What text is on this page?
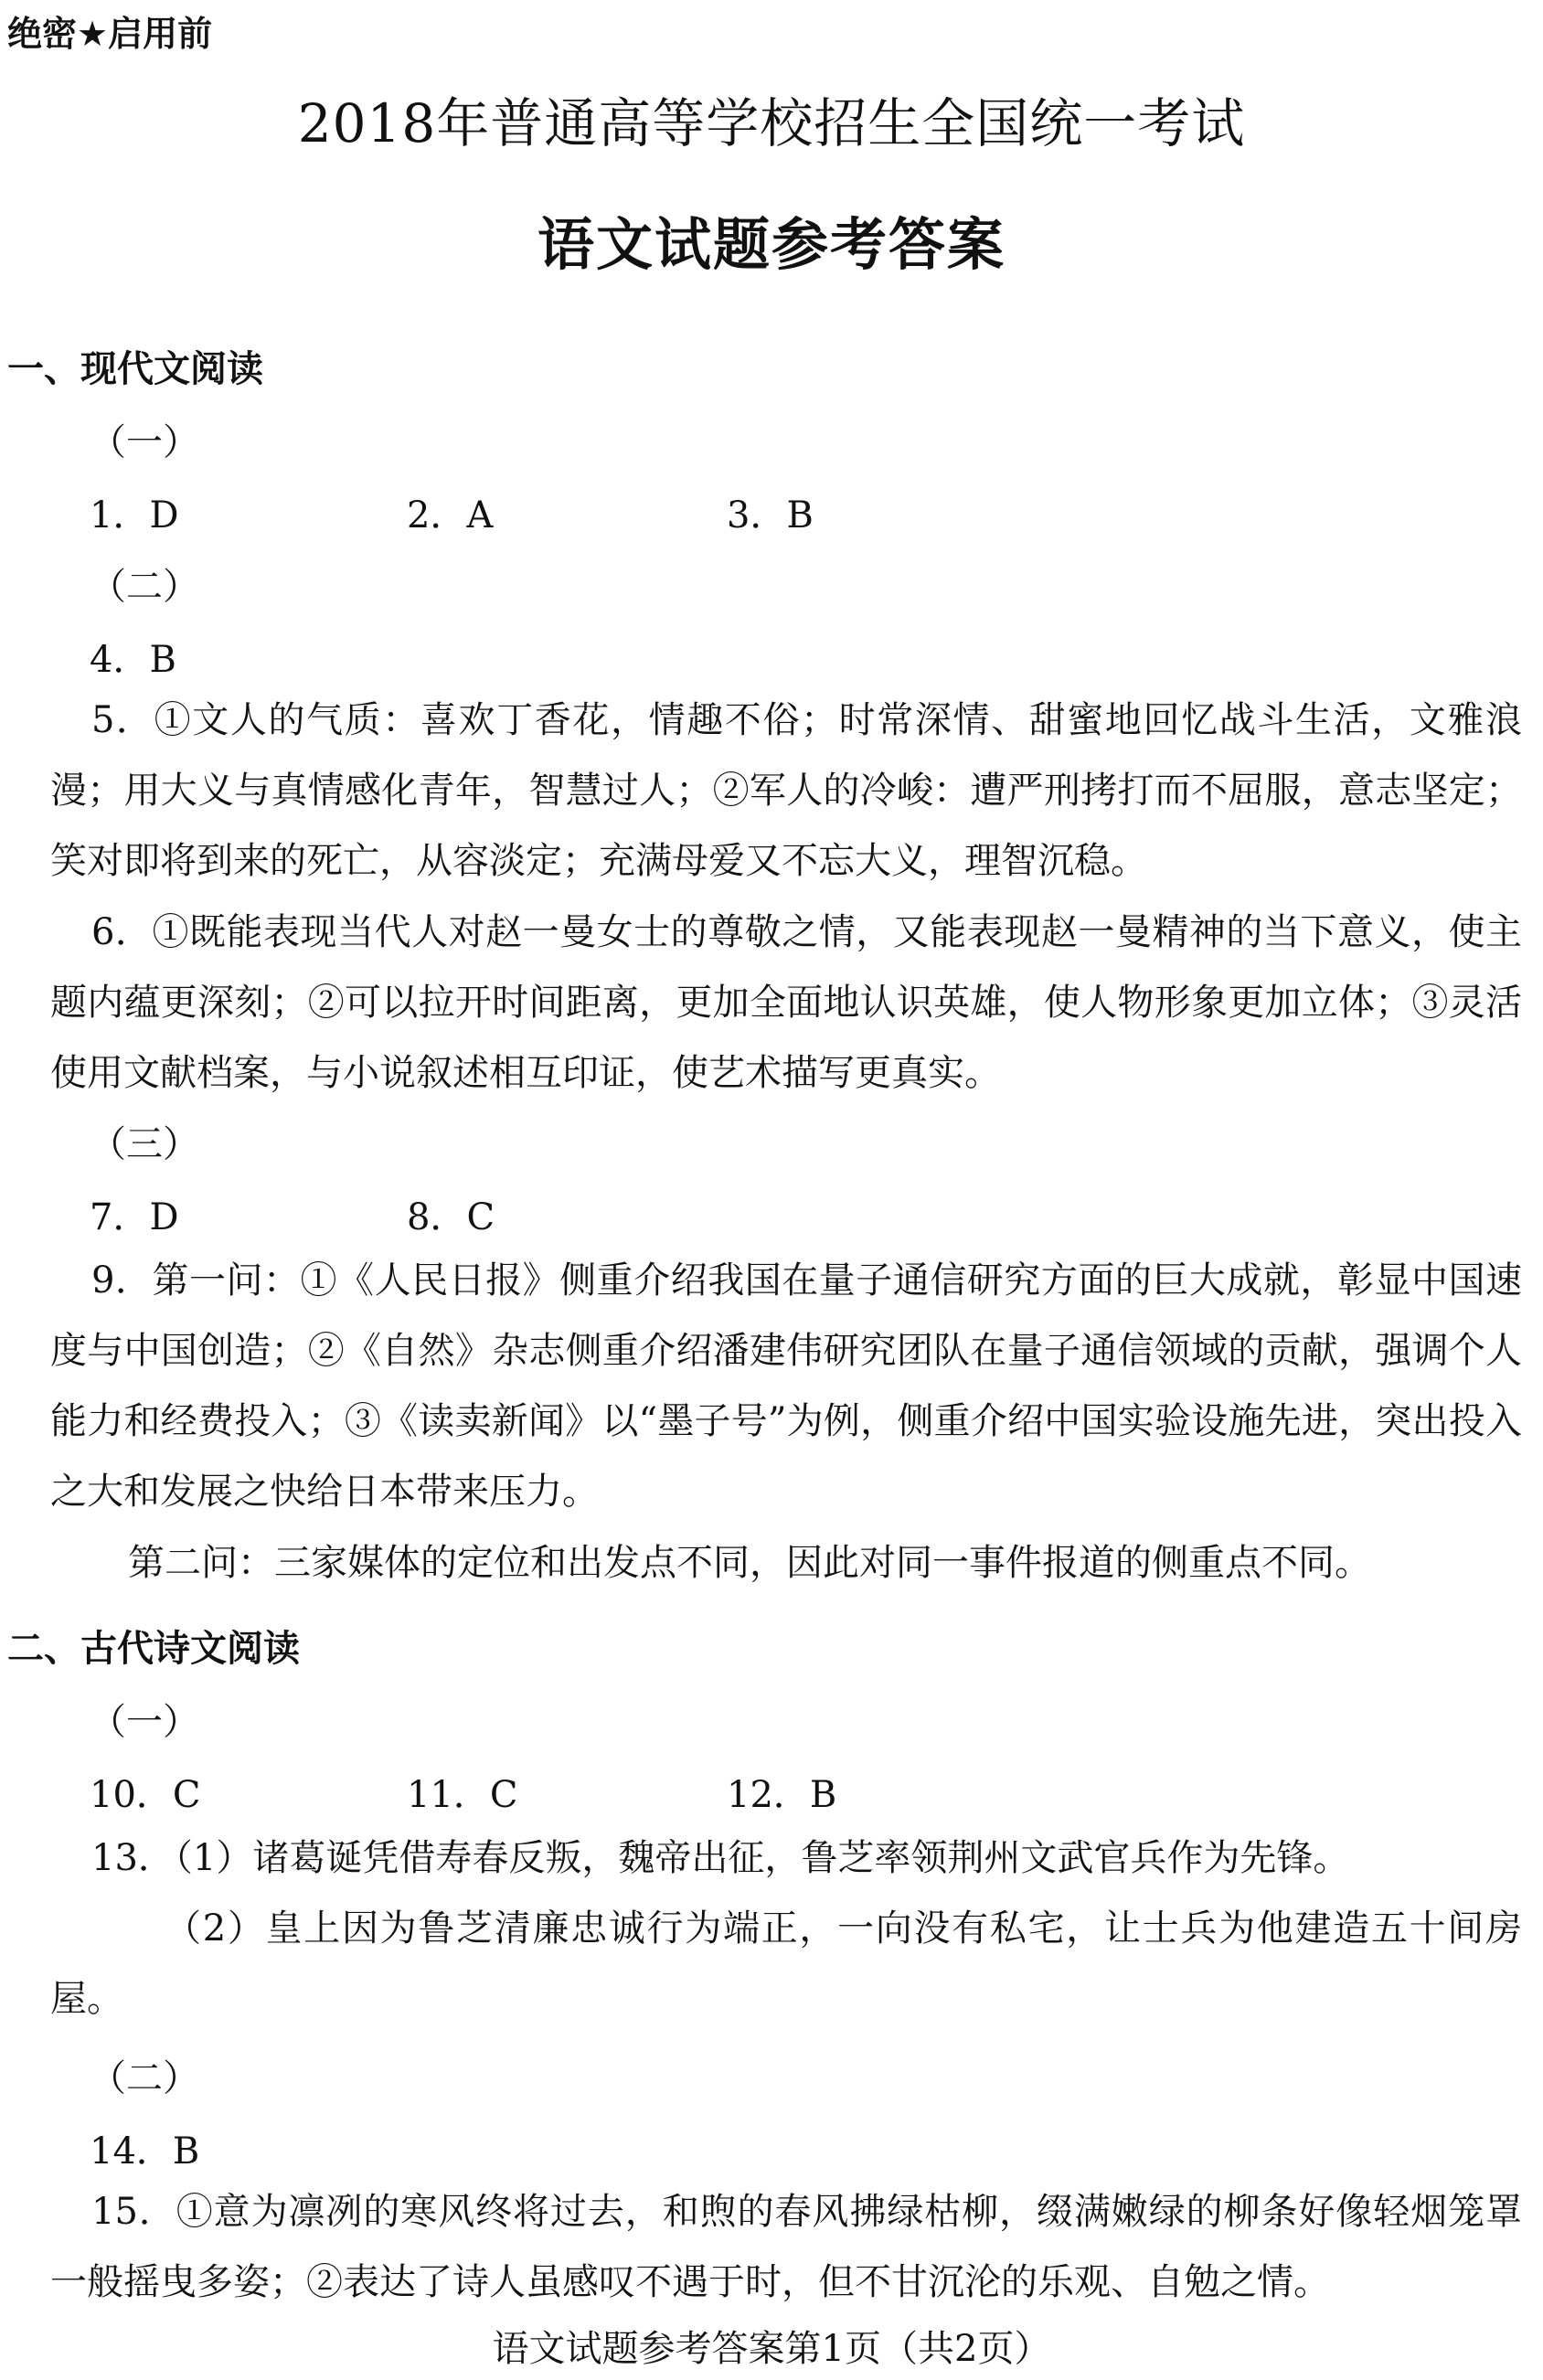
绝密★启用前
2018年普通高等学校招生全国统一考试
语文试题参考答案
一、现代文阅读
（一）
1．D	2．A	3．B
（二）
4．B
5．①文人的气质：喜欢丁香花，情趣不俗；时常深情、甜蜜地回忆战斗生活，文雅浪漫；用大义与真情感化青年，智慧过人；②军人的冷峻：遭严刑拷打而不屈服，意志坚定；笑对即将到来的死亡，从容淡定；充满母爱又不忘大义，理智沉稳。
6．①既能表现当代人对赵一曼女士的尊敬之情，又能表现赵一曼精神的当下意义，使主题内蕴更深刻；②可以拉开时间距离，更加全面地认识英雄，使人物形象更加立体；③灵活使用文献档案，与小说叙述相互印证，使艺术描写更真实。
（三）
7．D	8．C
9．第一问：①《人民日报》侧重介绍我国在量子通信研究方面的巨大成就，彰显中国速度与中国创造；②《自然》杂志侧重介绍潘建伟研究团队在量子通信领域的贡献，强调个人能力和经费投入；③《读卖新闻》以“墨子号”为例，侧重介绍中国实验设施先进，突出投入之大和发展之快给日本带来压力。
第二问：三家媒体的定位和出发点不同，因此对同一事件报道的侧重点不同。
二、古代诗文阅读
（一）
10．C	11．C	12．B
13．（1）诸葛诞凭借寿春反叛，魏帝出征，鲁芝率领荆州文武官兵作为先锋。
（2）皇上因为鲁芝清廉忠诚行为端正，一向没有私宅，让士兵为他建造五十间房屋。
（二）
14．B
15．①意为凛冽的寒风终将过去，和煦的春风拂绿枯柳，缀满嫩绿的柳条好像轻烟笼罩一般摇曳多姿；②表达了诗人虽感叹不遇于时，但不甘沉沦的乐观、自勉之情。
语文试题参考答案第1页（共2页）
